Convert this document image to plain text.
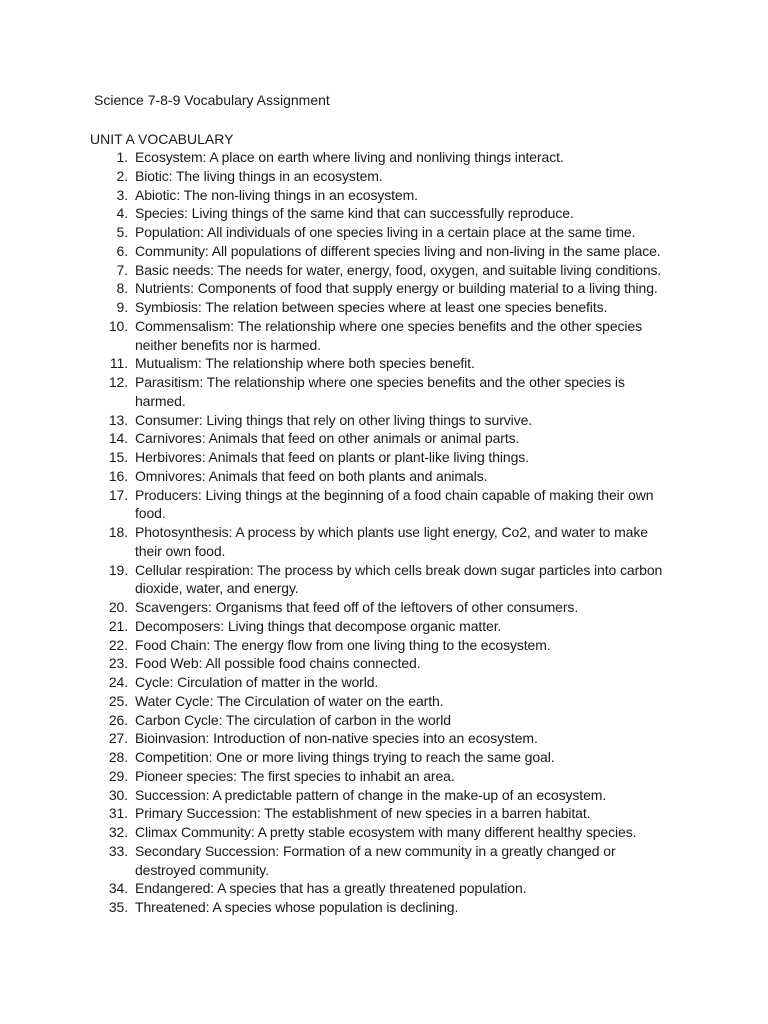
Science 7-8-9 Vocabulary Assignment
UNIT A VOCABULARY
1. Ecosystem: A place on earth where living and nonliving things interact.
2. Biotic: The living things in an ecosystem.
3. Abiotic: The non-living things in an ecosystem.
4. Species: Living things of the same kind that can successfully reproduce.
5. Population: All individuals of one species living in a certain place at the same time.
6. Community: All populations of different species living and non-living in the same place.
7. Basic needs: The needs for water, energy, food, oxygen, and suitable living conditions.
8. Nutrients: Components of food that supply energy or building material to a living thing.
9. Symbiosis: The relation between species where at least one species benefits.
10. Commensalism: The relationship where one species benefits and the other species neither benefits nor is harmed.
11. Mutualism: The relationship where both species benefit.
12. Parasitism: The relationship where one species benefits and the other species is harmed.
13. Consumer: Living things that rely on other living things to survive.
14. Carnivores: Animals that feed on other animals or animal parts.
15. Herbivores: Animals that feed on plants or plant-like living things.
16. Omnivores: Animals that feed on both plants and animals.
17. Producers: Living things at the beginning of a food chain capable of making their own food.
18. Photosynthesis: A process by which plants use light energy, Co2, and water to make their own food.
19. Cellular respiration: The process by which cells break down sugar particles into carbon dioxide, water, and energy.
20. Scavengers: Organisms that feed off of the leftovers of other consumers.
21. Decomposers: Living things that decompose organic matter.
22. Food Chain: The energy flow from one living thing to the ecosystem.
23. Food Web: All possible food chains connected.
24. Cycle: Circulation of matter in the world.
25. Water Cycle: The Circulation of water on the earth.
26. Carbon Cycle: The circulation of carbon in the world
27. Bioinvasion: Introduction of non-native species into an ecosystem.
28. Competition: One or more living things trying to reach the same goal.
29. Pioneer species: The first species to inhabit an area.
30. Succession: A predictable pattern of change in the make-up of an ecosystem.
31. Primary Succession: The establishment of new species in a barren habitat.
32. Climax Community: A pretty stable ecosystem with many different healthy species.
33. Secondary Succession: Formation of a new community in a greatly changed or destroyed community.
34. Endangered: A species that has a greatly threatened population.
35. Threatened: A species whose population is declining.
